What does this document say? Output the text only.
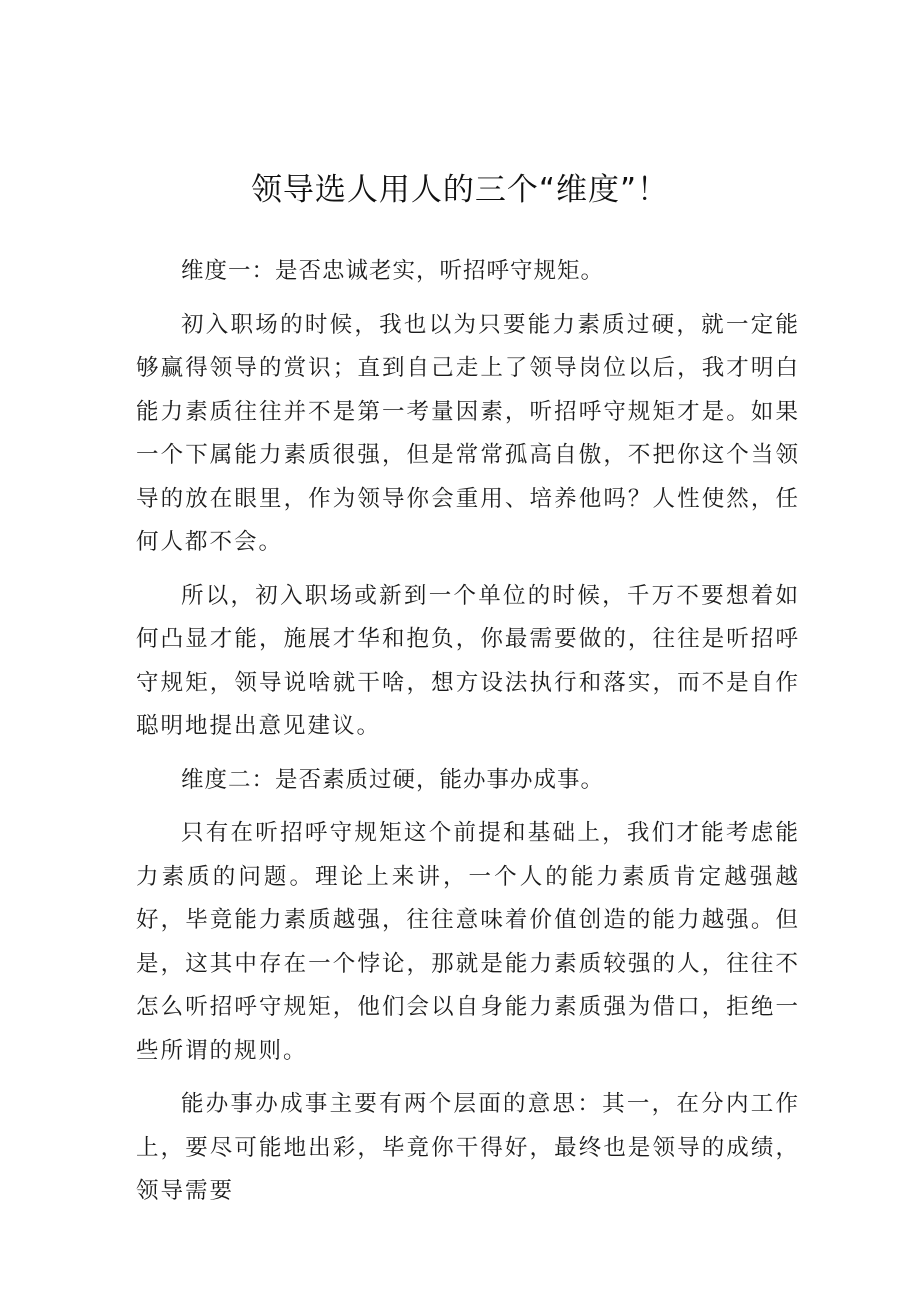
领导选人用人的三个“维度”！

维度一：是否忠诚老实，听招呼守规矩。

初入职场的时候，我也以为只要能力素质过硬，就一定能够赢得领导的赏识；直到自己走上了领导岗位以后，我才明白能力素质往往并不是第一考量因素，听招呼守规矩才是。如果一个下属能力素质很强，但是常常孤高自傲，不把你这个当领导的放在眼里，作为领导你会重用、培养他吗？人性使然，任何人都不会。

所以，初入职场或新到一个单位的时候，千万不要想着如何凸显才能，施展才华和抱负，你最需要做的，往往是听招呼守规矩，领导说啥就干啥，想方设法执行和落实，而不是自作聪明地提出意见建议。

维度二：是否素质过硬，能办事办成事。

只有在听招呼守规矩这个前提和基础上，我们才能考虑能力素质的问题。理论上来讲，一个人的能力素质肯定越强越好，毕竟能力素质越强，往往意味着价值创造的能力越强。但是，这其中存在一个悖论，那就是能力素质较强的人，往往不怎么听招呼守规矩，他们会以自身能力素质强为借口，拒绝一些所谓的规则。

能办事办成事主要有两个层面的意思：其一，在分内工作上，要尽可能地出彩，毕竟你干得好，最终也是领导的成绩，领导需要
